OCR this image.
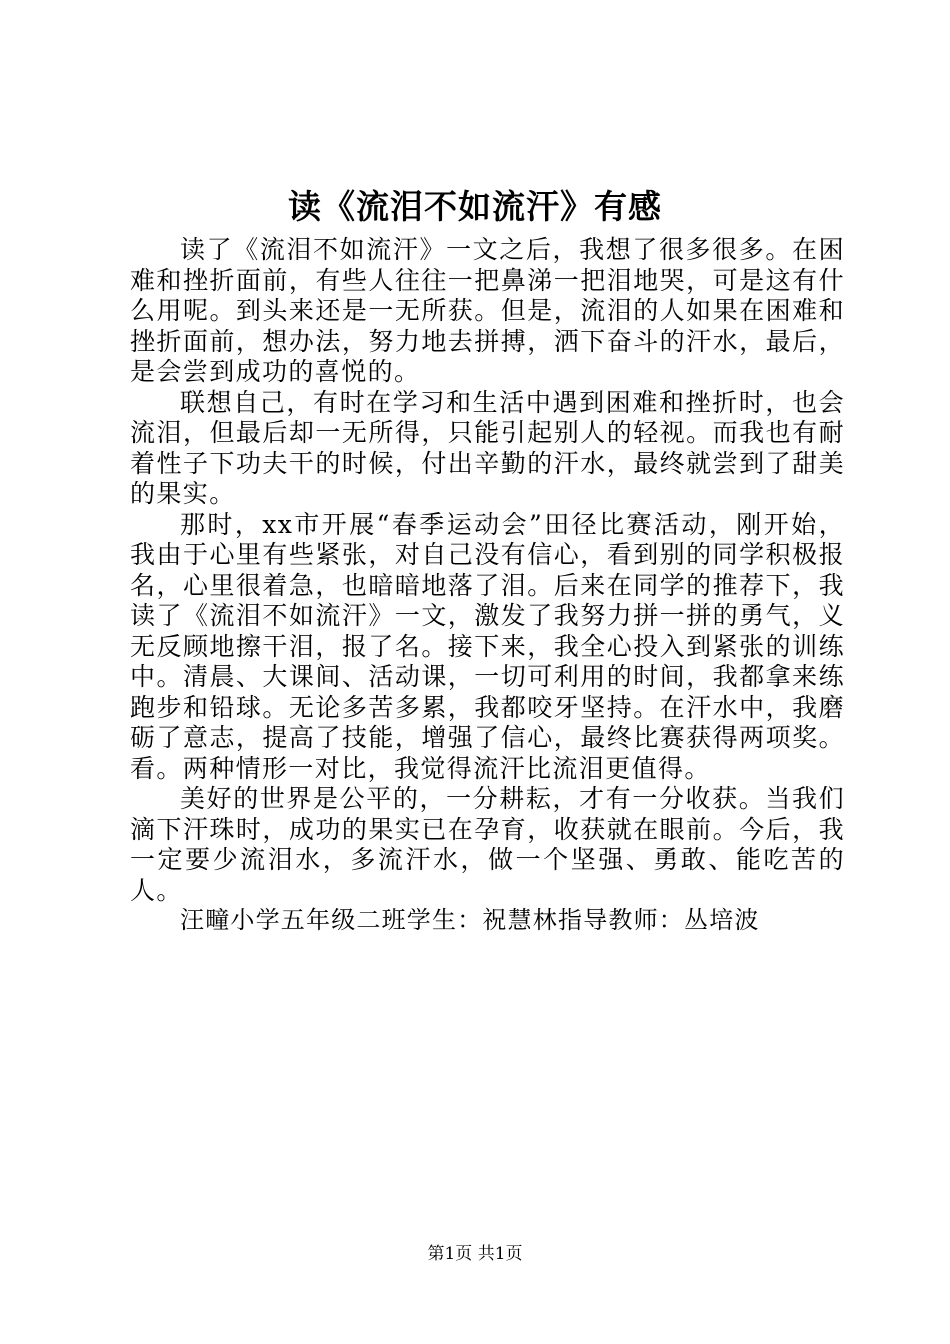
读《流泪不如流汗》有感

读了《流泪不如流汗》一文之后，我想了很多很多。在困难和挫折面前，有些人往往一把鼻涕一把泪地哭，可是这有什么用呢。到头来还是一无所获。但是，流泪的人如果在困难和挫折面前，想办法，努力地去拼搏，洒下奋斗的汗水，最后，是会尝到成功的喜悦的。

联想自己，有时在学习和生活中遇到困难和挫折时，也会流泪，但最后却一无所得，只能引起别人的轻视。而我也有耐着性子下功夫干的时候，付出辛勤的汗水，最终就尝到了甜美的果实。

那时，xx市开展“春季运动会”田径比赛活动，刚开始，我由于心里有些紧张，对自己没有信心，看到别的同学积极报名，心里很着急，也暗暗地落了泪。后来在同学的推荐下，我读了《流泪不如流汗》一文，激发了我努力拼一拼的勇气，义无反顾地擦干泪，报了名。接下来，我全心投入到紧张的训练中。清晨、大课间、活动课，一切可利用的时间，我都拿来练跑步和铅球。无论多苦多累，我都咬牙坚持。在汗水中，我磨砺了意志，提高了技能，增强了信心，最终比赛获得两项奖。看。两种情形一对比，我觉得流汗比流泪更值得。

美好的世界是公平的，一分耕耘，才有一分收获。当我们滴下汗珠时，成功的果实已在孕育，收获就在眼前。今后，我一定要少流泪水，多流汗水，做一个坚强、勇敢、能吃苦的人。

汪疃小学五年级二班学生：祝慧林指导教师：丛培波

第1页 共1页
